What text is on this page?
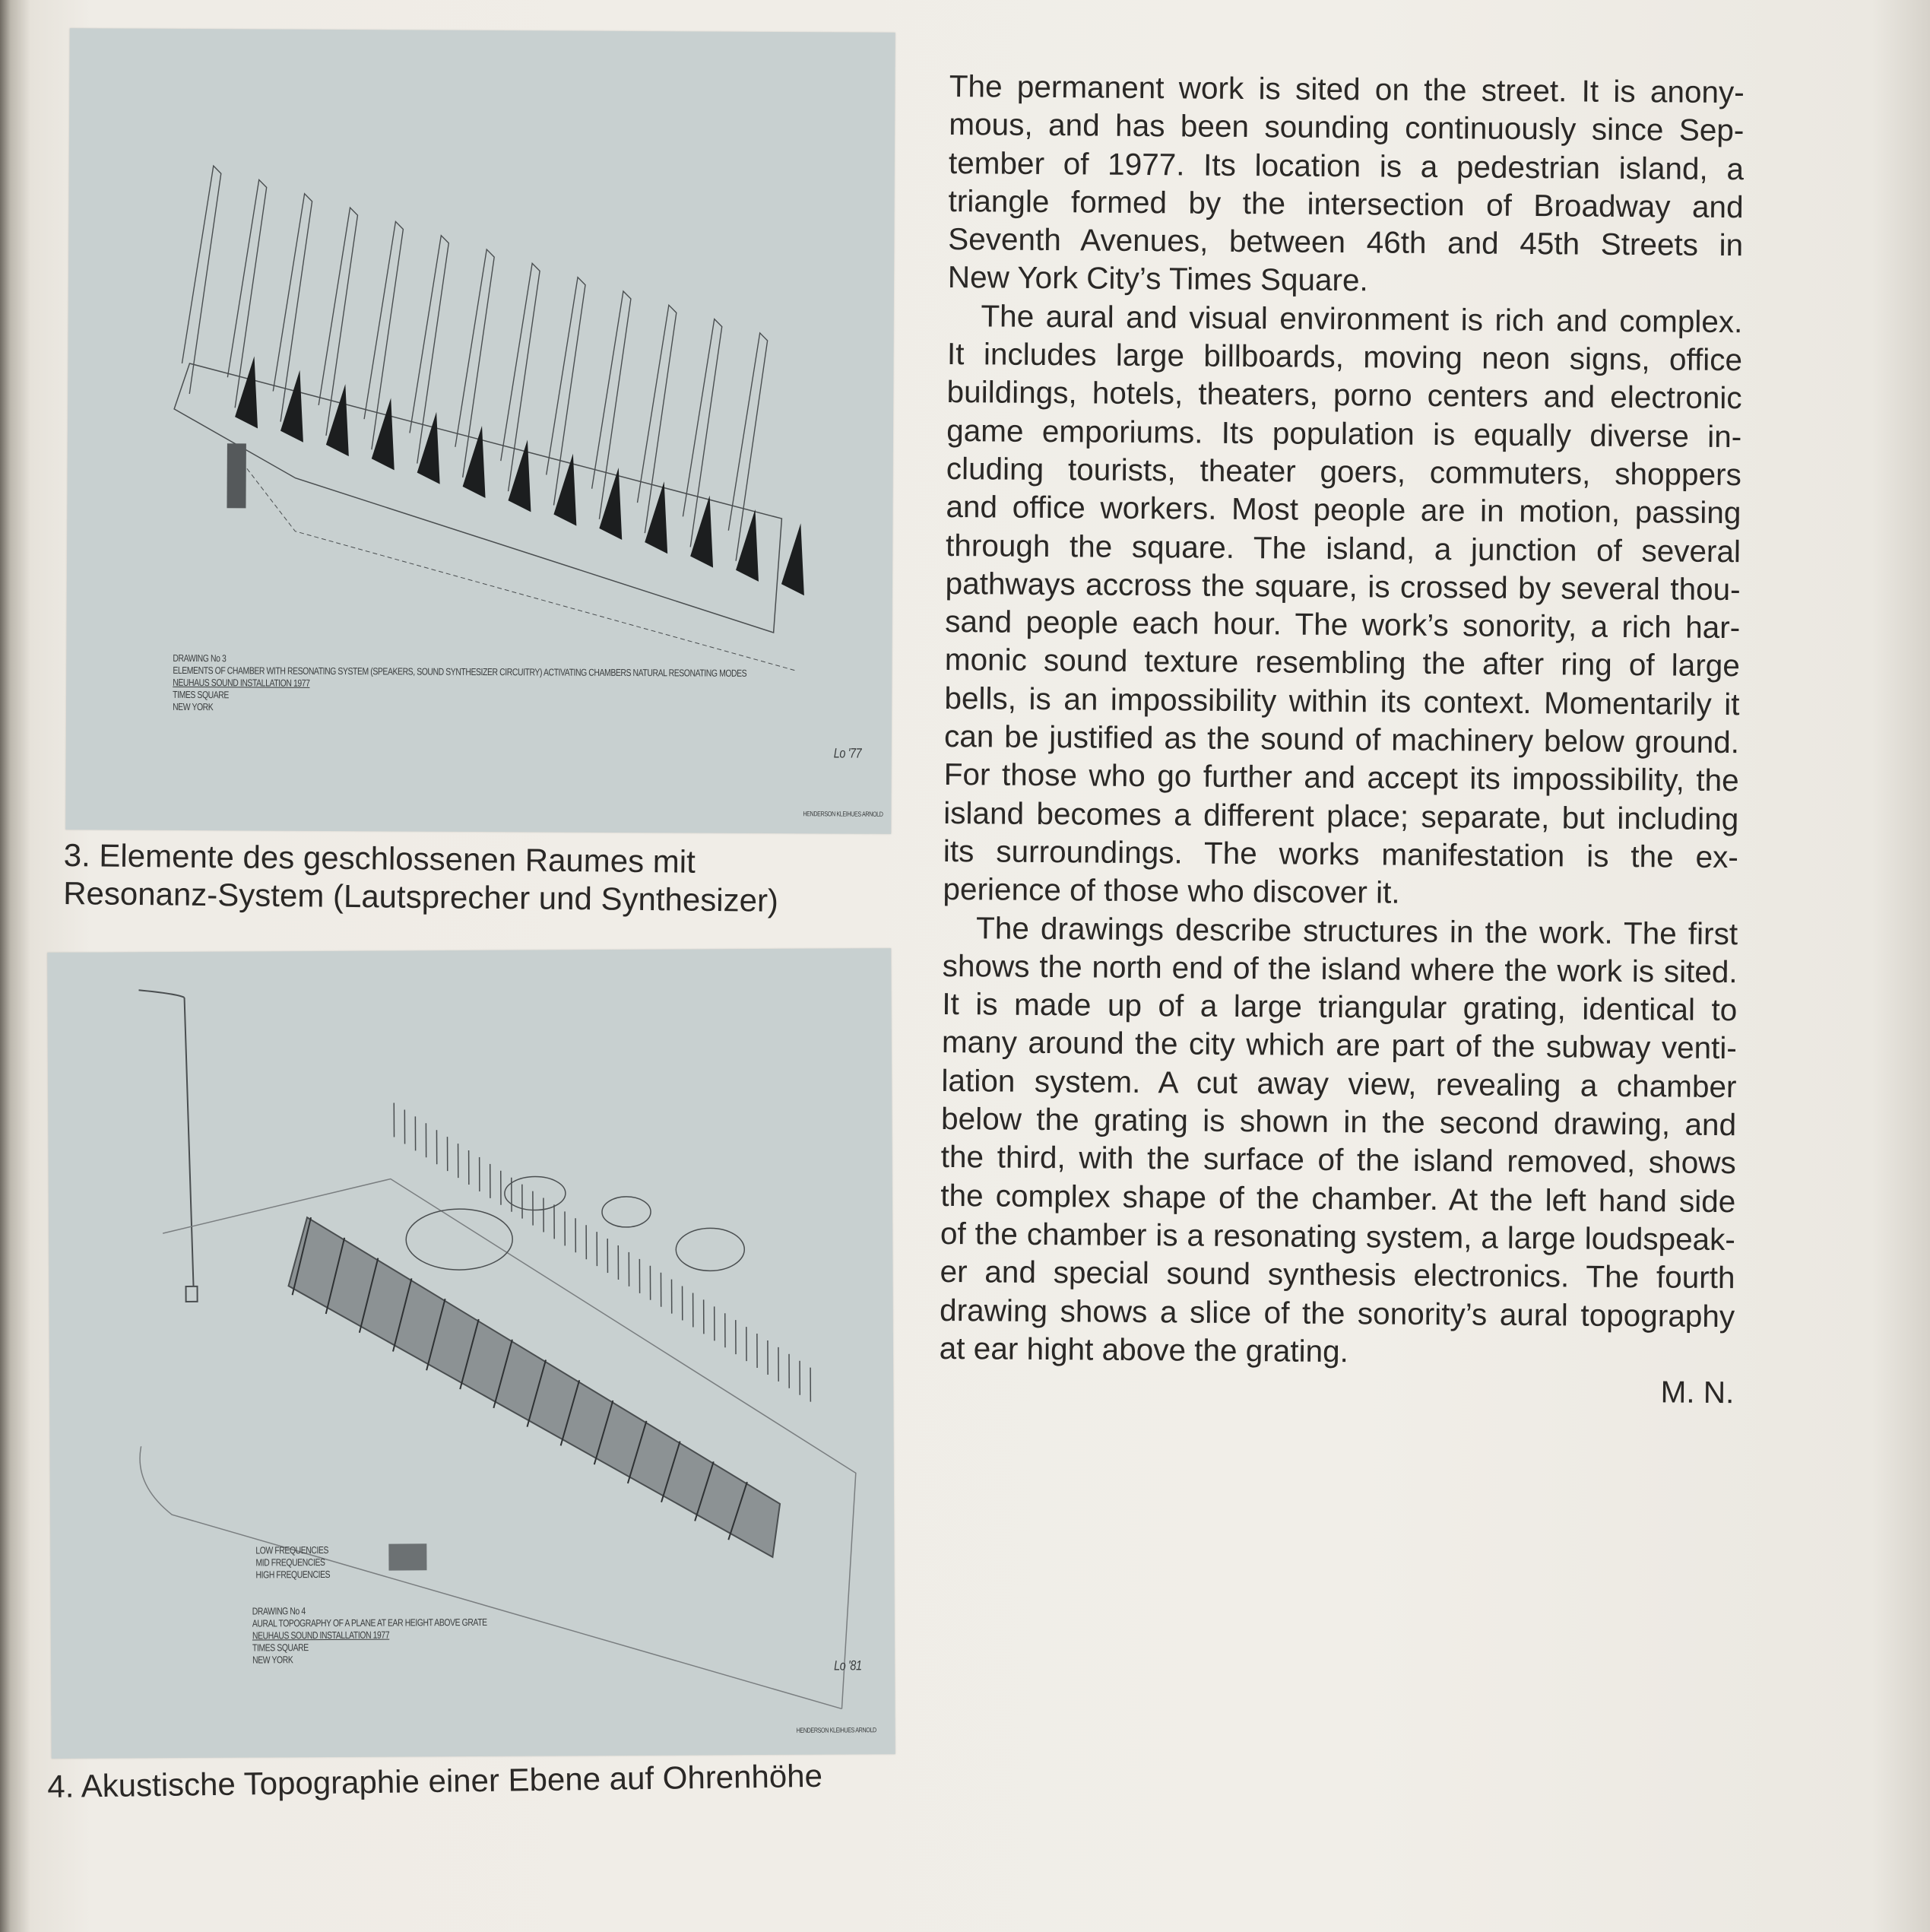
DRAWING No 3
ELEMENTS OF CHAMBER WITH RESONATING SYSTEM (SPEAKERS, SOUND SYNTHESIZER CIRCUITRY) ACTIVATING CHAMBERS NATURAL RESONATING MODES
NEUHAUS SOUND INSTALLATION 1977
TIMES SQUARE
NEW YORK
Lo '77
HENDERSON KLEIHUES ARNOLD
3. Elemente des geschlossenen Raumes mit
Resonanz-System (Lautsprecher und Synthesizer)
LOW FREQUENCIES
MID FREQUENCIES
HIGH FREQUENCIES
DRAWING No 4
AURAL TOPOGRAPHY OF A PLANE AT EAR HEIGHT ABOVE GRATE
NEUHAUS SOUND INSTALLATION 1977
TIMES SQUARE
NEW YORK	Lo '81
HENDERSON KLEIHUES ARNOLD
4. Akustische Topographie einer Ebene auf Ohrenhöhe
The permanent work is sited on the street. It is anony-
mous, and has been sounding continuously since Sep-
tember of 1977. Its location is a pedestrian island, a
triangle formed by the intersection of Broadway and
Seventh Avenues, between 46th and 45th Streets in
New York City’s Times Square.
The aural and visual environment is rich and complex.
It includes large billboards, moving neon signs, office
buildings, hotels, theaters, porno centers and electronic
game emporiums. Its population is equally diverse in-
cluding tourists, theater goers, commuters, shoppers
and office workers. Most people are in motion, passing
through the square. The island, a junction of several
pathways accross the square, is crossed by several thou-
sand people each hour. The work’s sonority, a rich har-
monic sound texture resembling the after ring of large
bells, is an impossibility within its context. Momentarily it
can be justified as the sound of machinery below ground.
For those who go further and accept its impossibility, the
island becomes a different place; separate, but including
its surroundings. The works manifestation is the ex-
perience of those who discover it.
The drawings describe structures in the work. The first
shows the north end of the island where the work is sited.
It is made up of a large triangular grating, identical to
many around the city which are part of the subway venti-
lation system. A cut away view, revealing a chamber
below the grating is shown in the second drawing, and
the third, with the surface of the island removed, shows
the complex shape of the chamber. At the left hand side
of the chamber is a resonating system, a large loudspeak-
er and special sound synthesis electronics. The fourth
drawing shows a slice of the sonority’s aural topography
at ear hight above the grating.
M. N.
